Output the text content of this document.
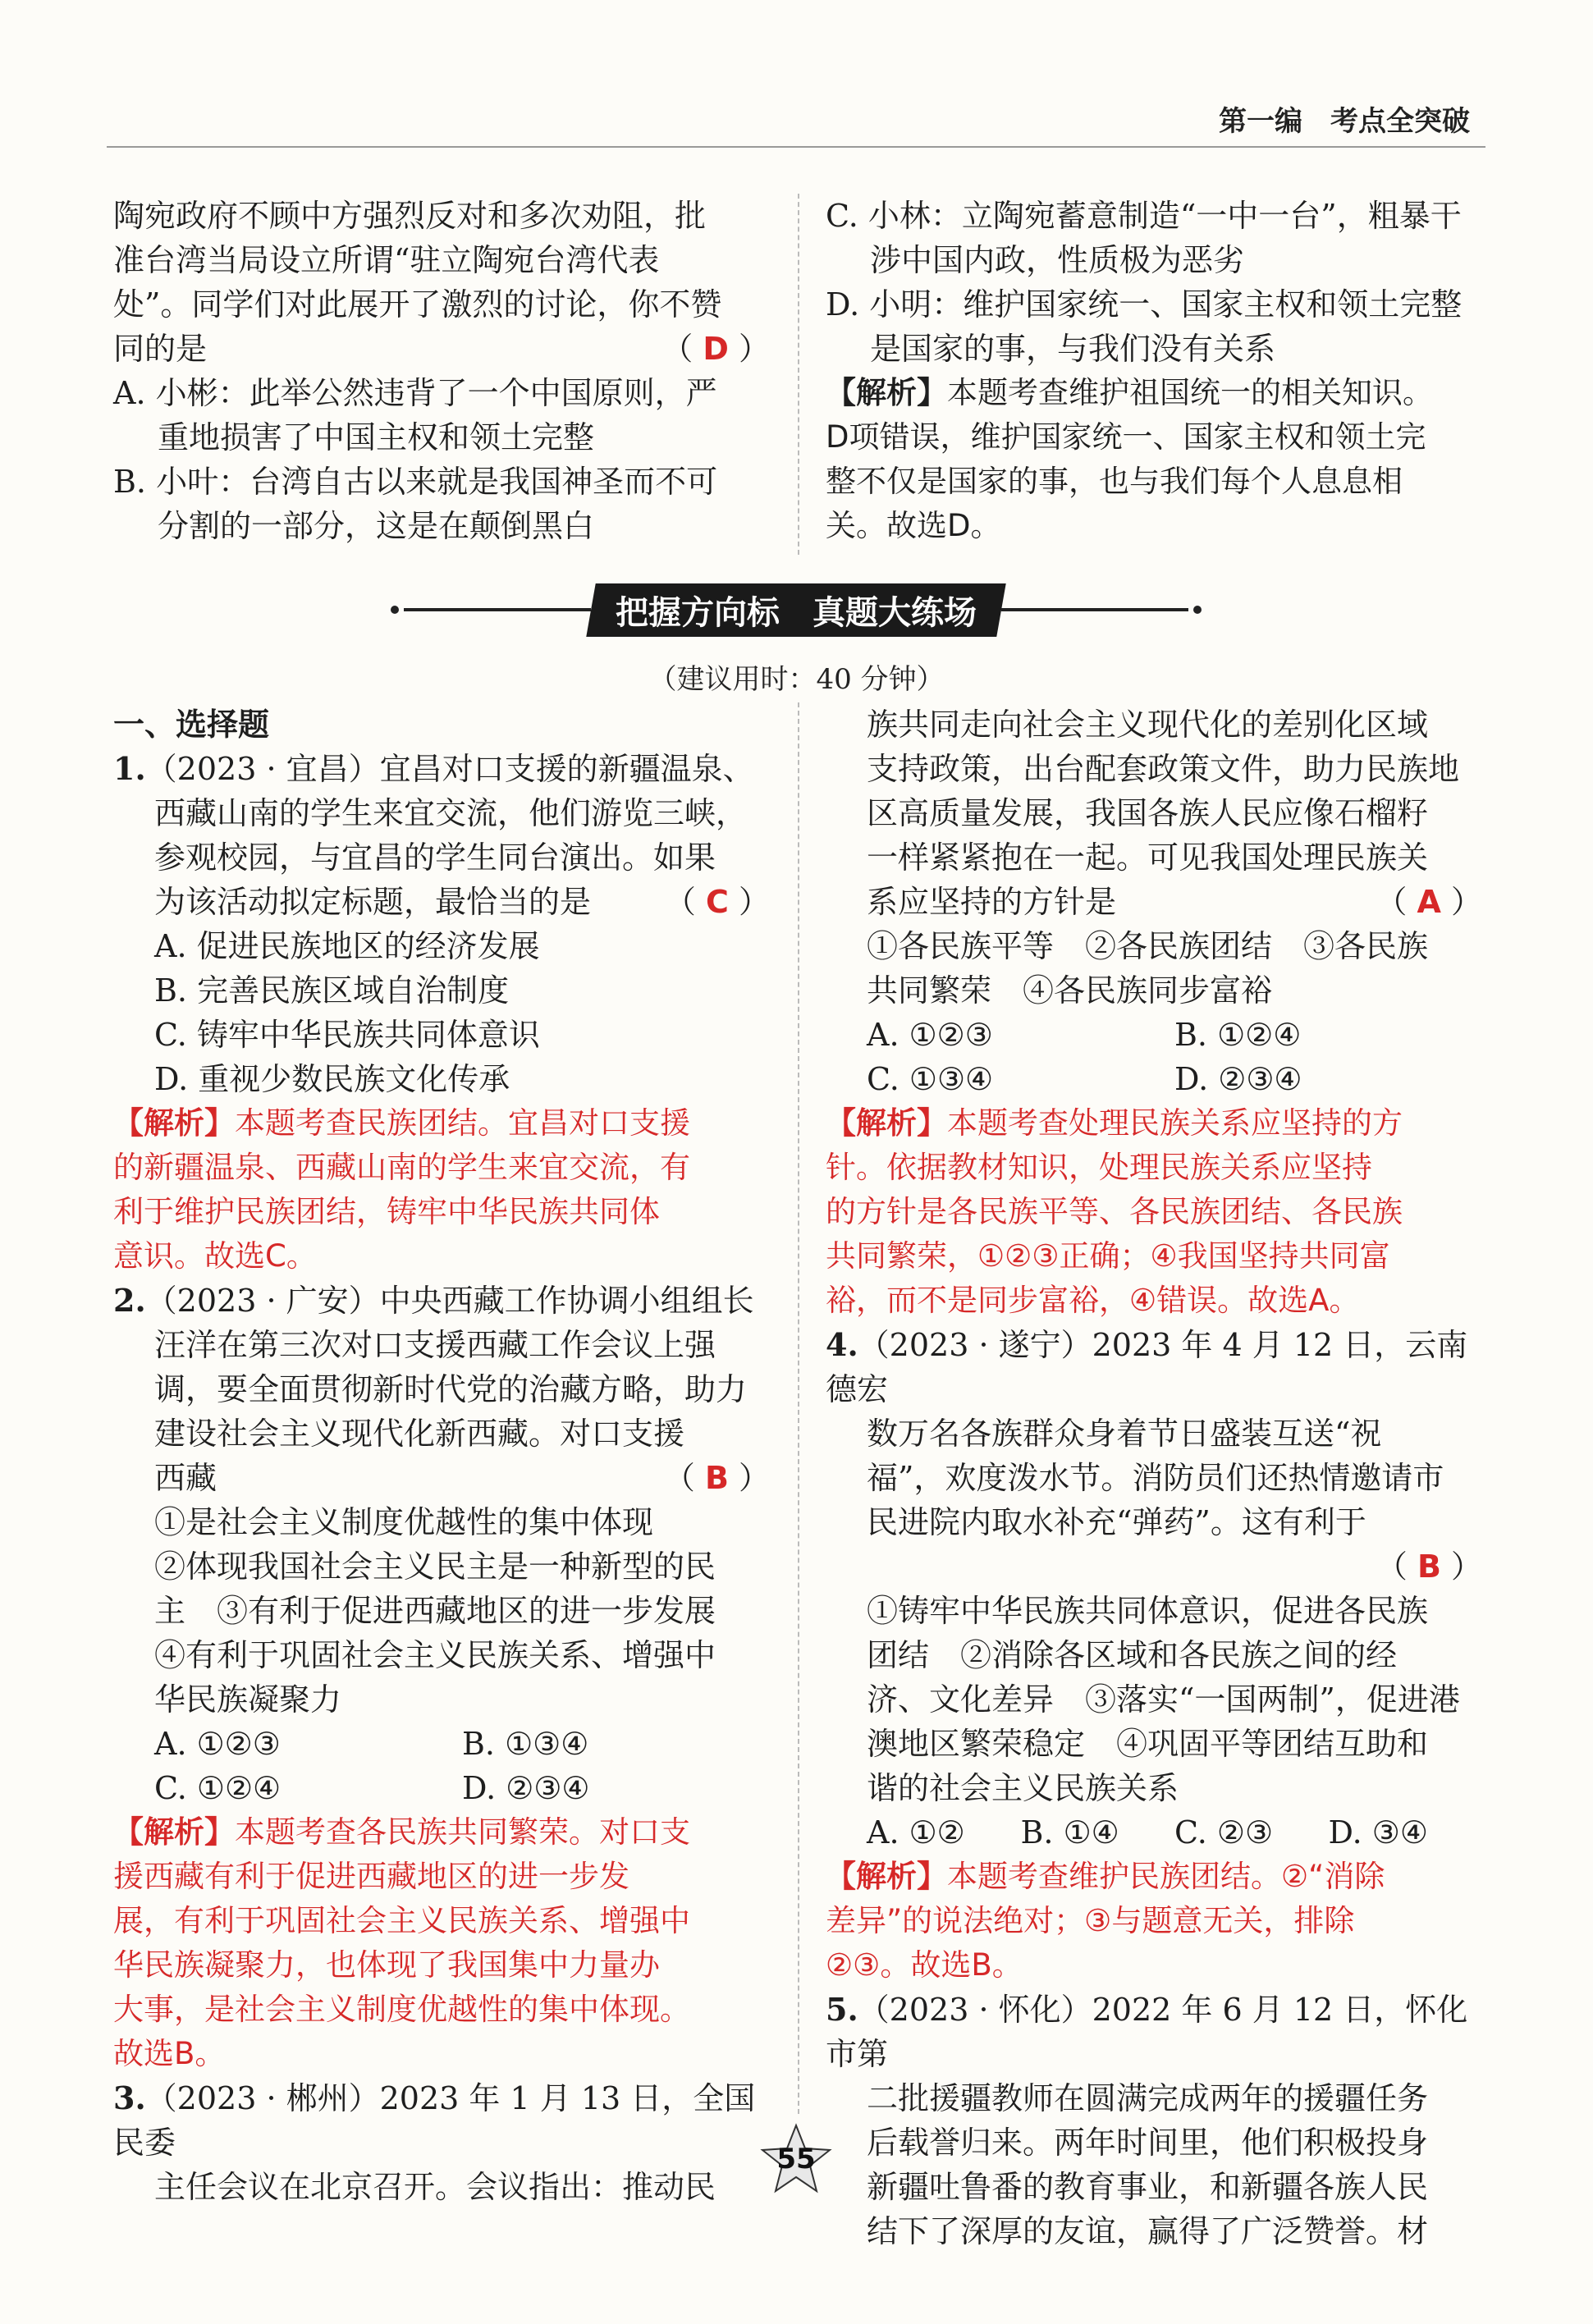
第一编　考点全突破

陶宛政府不顾中方强烈反对和多次劝阻，批

准台湾当局设立所谓“驻立陶宛台湾代表

处”。同学们对此展开了激烈的讨论，你不赞

同的是	（ D ）

A. 小彬：此举公然违背了一个中国原则，严

重地损害了中国主权和领土完整

B. 小叶：台湾自古以来就是我国神圣而不可

分割的一部分，这是在颠倒黑白

C. 小林：立陶宛蓄意制造“一中一台”，粗暴干

涉中国内政，性质极为恶劣

D. 小明：维护国家统一、国家主权和领土完整

是国家的事，与我们没有关系

【解析】本题考查维护祖国统一的相关知识。

D项错误，维护国家统一、国家主权和领土完

整不仅是国家的事，也与我们每个人息息相

关。故选D。

把握方向标　真题大练场
（建议用时：40 分钟）

一、选择题

1.（2023 · 宜昌）宜昌对口支援的新疆温泉、

西藏山南的学生来宜交流，他们游览三峡，

参观校园，与宜昌的学生同台演出。如果

为该活动拟定标题，最恰当的是 （ C ）

A. 促进民族地区的经济发展

B. 完善民族区域自治制度

C. 铸牢中华民族共同体意识

D. 重视少数民族文化传承

【解析】本题考查民族团结。宜昌对口支援

的新疆温泉、西藏山南的学生来宜交流，有

利于维护民族团结，铸牢中华民族共同体

意识。故选C。

2.（2023 · 广安）中央西藏工作协调小组组长

汪洋在第三次对口支援西藏工作会议上强

调，要全面贯彻新时代党的治藏方略，助力

建设社会主义现代化新西藏。对口支援

西藏	（ B ）

①是社会主义制度优越性的集中体现

②体现我国社会主义民主是一种新型的民

主　③有利于促进西藏地区的进一步发展

④有利于巩固社会主义民族关系、增强中

华民族凝聚力

A. ①②③	B. ①③④

C. ①②④	D. ②③④

【解析】本题考查各民族共同繁荣。对口支

援西藏有利于促进西藏地区的进一步发

展，有利于巩固社会主义民族关系、增强中

华民族凝聚力，也体现了我国集中力量办

大事，是社会主义制度优越性的集中体现。

故选B。

3.（2023 · 郴州）2023 年 1 月 13 日，全国民委

主任会议在北京召开。会议指出：推动民

族共同走向社会主义现代化的差别化区域

支持政策，出台配套政策文件，助力民族地

区高质量发展，我国各族人民应像石榴籽

一样紧紧抱在一起。可见我国处理民族关

系应坚持的方针是	（ A ）

①各民族平等　②各民族团结　③各民族

共同繁荣　④各民族同步富裕

A. ①②③	B. ①②④

C. ①③④	D. ②③④

【解析】本题考查处理民族关系应坚持的方

针。依据教材知识，处理民族关系应坚持

的方针是各民族平等、各民族团结、各民族

共同繁荣，①②③正确；④我国坚持共同富

裕，而不是同步富裕，④错误。故选A。

4.（2023 · 遂宁）2023 年 4 月 12 日，云南德宏

数万名各族群众身着节日盛装互送“祝

福”，欢度泼水节。消防员们还热情邀请市

民进院内取水补充“弹药”。这有利于

（ B ）

①铸牢中华民族共同体意识，促进各民族

团结　②消除各区域和各民族之间的经

济、文化差异　③落实“一国两制”，促进港

澳地区繁荣稳定　④巩固平等团结互助和

谐的社会主义民族关系

A. ①②	B. ①④	C. ②③	D. ③④

【解析】本题考查维护民族团结。②“消除

差异”的说法绝对；③与题意无关，排除

②③。故选B。

5.（2023 · 怀化）2022 年 6 月 12 日，怀化市第

二批援疆教师在圆满完成两年的援疆任务

后载誉归来。两年时间里，他们积极投身

新疆吐鲁番的教育事业，和新疆各族人民

结下了深厚的友谊，赢得了广泛赞誉。材

55
